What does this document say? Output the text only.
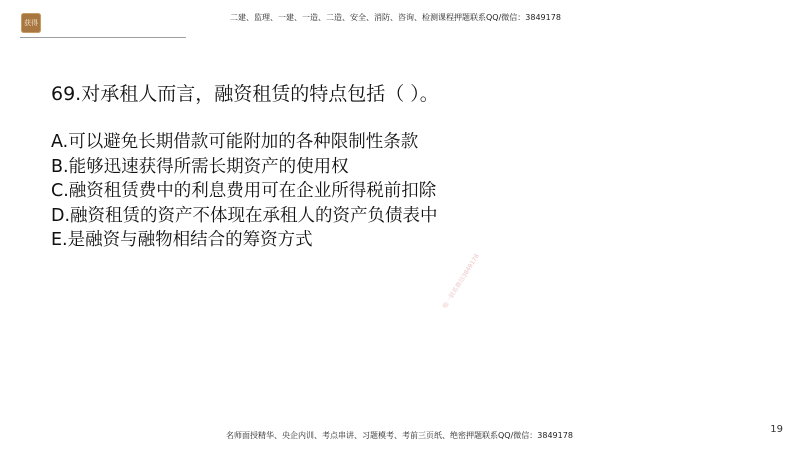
获得
二建、监理、一建、一造、二造、安全、消防、咨询、检测课程押题联系QQ/微信：3849178
69.对承租人而言，融资租赁的特点包括（ ）。
A.可以避免长期借款可能附加的各种限制性条款
B.能够迅速获得所需长期资产的使用权
C.融资租赁费中的利息费用可在企业所得税前扣除
D.融资租赁的资产不体现在承租人的资产负债表中
E.是融资与融物相结合的筹资方式
唯一联系微信3849178
名师面授精华、央企内训、考点串讲、习题模考、考前三页纸、绝密押题联系QQ/微信：3849178
19
